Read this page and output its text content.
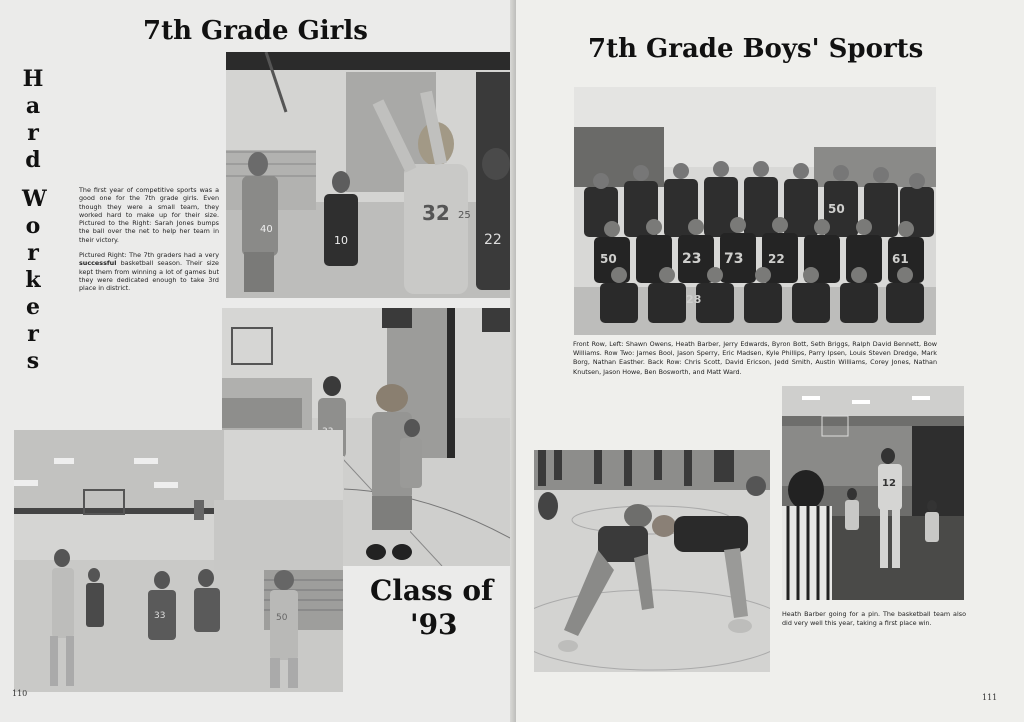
7th Grade Girls
H
a
r
d
W
o
r
k
e
r
s

The first year of competitive sports was a good one for the 7th grade girls. Even though they were a small team, they worked hard to make up for their size. Pictured to the Right: Sarah Jones bumps the ball over the net to help her team in their victory.

Pictured Right: The 7th graders had a very successful basketball season. Their size kept them from winning a lot of games but they were dedicated enough to take 3rd place in district.

40
10
32 25
22
33	50
Class of
'93
110
7th Grade Boys' Sports
50
50	73
23	22	61
28

Front Row, Left: Shawn Owens, Heath Barber, Jerry Edwards, Byron Bott, Seth Briggs, Ralph David Bennett, Bow Williams. Row Two: James Bool, Jason Sperry, Eric Madsen, Kyle Phillips, Parry Ipsen, Louis Steven Dredge, Mark Borg, Nathan Easther. Back Row: Chris Scott, David Ericson, Jedd Smith, Austin Williams, Corey Jones, Nathan Knutsen, Jason Howe, Ben Bosworth, and Matt Ward.

12

Heath Barber going for a pin. The basketball team also did very well this year, taking a first place win.

111
